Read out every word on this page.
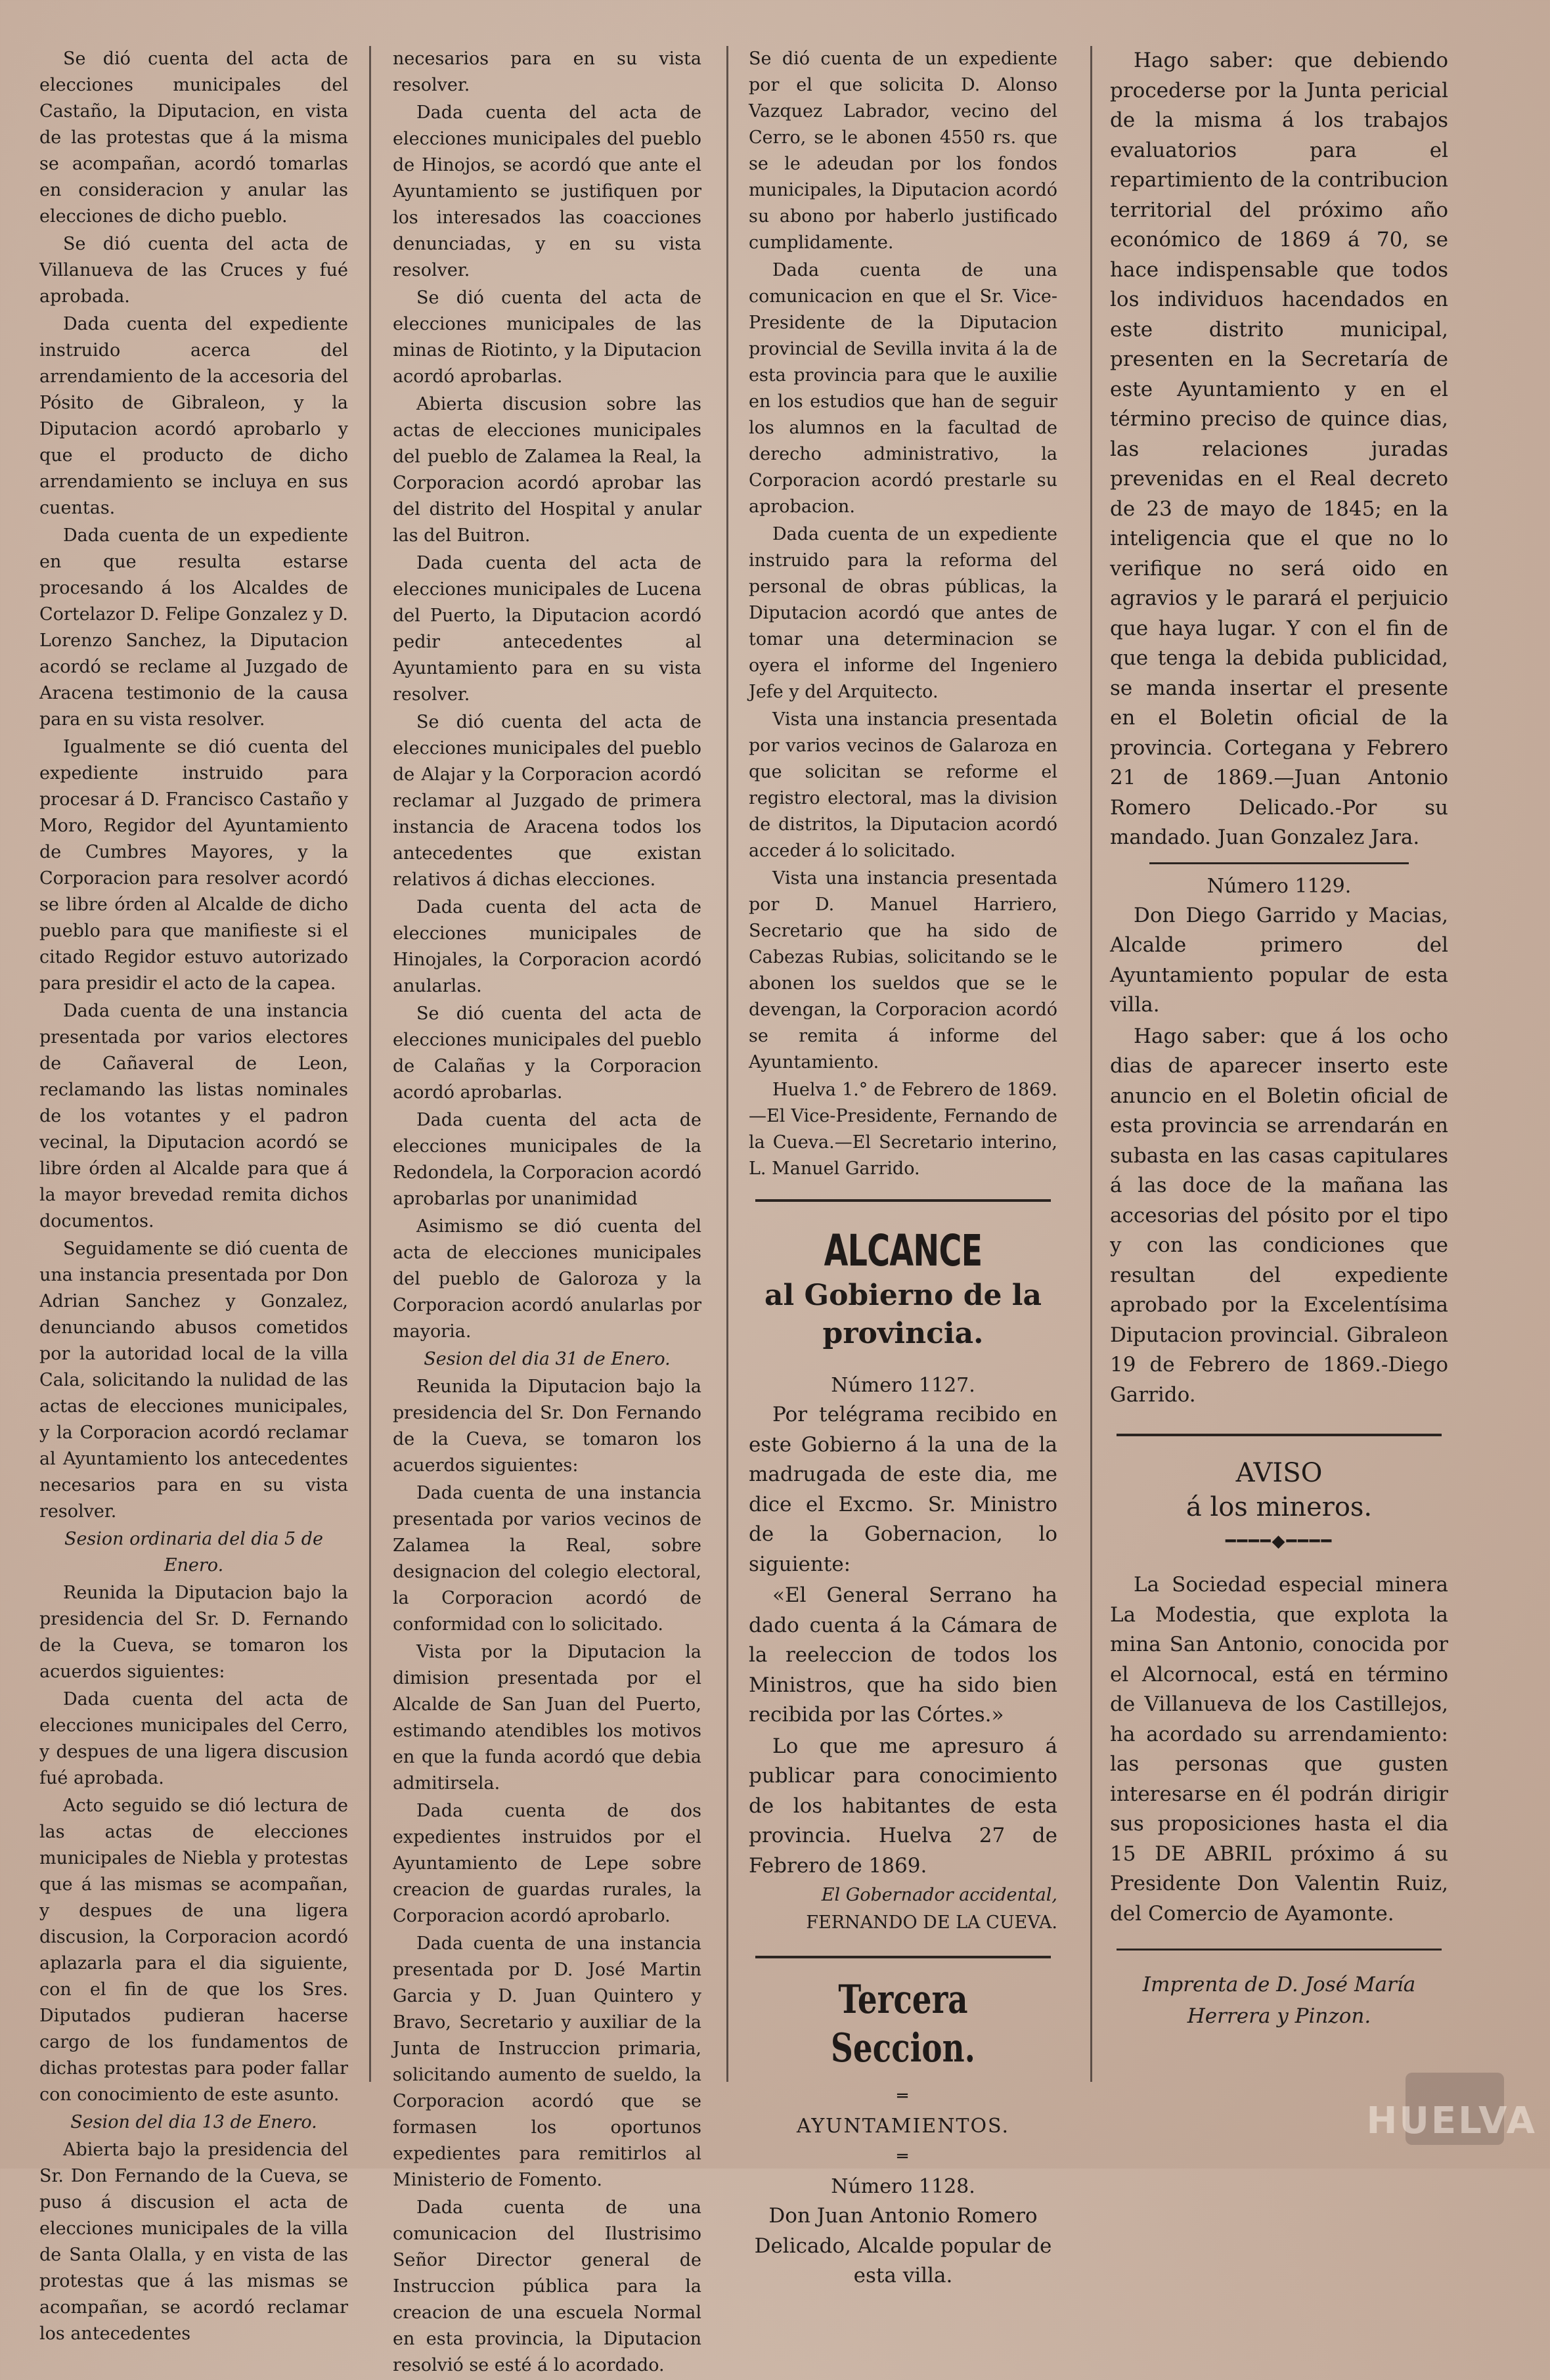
Se dió cuenta del acta de elecciones municipales del Castaño, la Diputacion, en vista de las protestas que á la misma se acompañan, acordó tomarlas en consideracion y anular las elecciones de dicho pueblo.

Se dió cuenta del acta de Villanueva de las Cruces y fué aprobada.

Dada cuenta del expediente instruido acerca del arrendamiento de la accesoria del Pósito de Gibraleon, y la Diputacion acordó aprobarlo y que el producto de dicho arrendamiento se incluya en sus cuentas.

Dada cuenta de un expediente en que resulta estarse procesando á los Alcaldes de Cortelazor D. Felipe Gonzalez y D. Lorenzo Sanchez, la Diputacion acordó se reclame al Juzgado de Aracena testimonio de la causa para en su vista resolver.

Igualmente se dió cuenta del expediente instruido para procesar á D. Francisco Castaño y Moro, Regidor del Ayuntamiento de Cumbres Mayores, y la Corporacion para resolver acordó se libre órden al Alcalde de dicho pueblo para que manifieste si el citado Regidor estuvo autorizado para presidir el acto de la capea.

Dada cuenta de una instancia presentada por varios electores de Cañaveral de Leon, reclamando las listas nominales de los votantes y el padron vecinal, la Diputacion acordó se libre órden al Alcalde para que á la mayor brevedad remita dichos documentos.

Seguidamente se dió cuenta de una instancia presentada por Don Adrian Sanchez y Gonzalez, denunciando abusos cometidos por la autoridad local de la villa Cala, solicitando la nulidad de las actas de elecciones municipales, y la Corporacion acordó reclamar al Ayuntamiento los antecedentes necesarios para en su vista resolver.

Sesion ordinaria del dia 5 de Enero.

Reunida la Diputacion bajo la presidencia del Sr. D. Fernando de la Cueva, se tomaron los acuerdos siguientes:

Dada cuenta del acta de elecciones municipales del Cerro, y despues de una ligera discusion fué aprobada.

Acto seguido se dió lectura de las actas de elecciones municipales de Niebla y protestas que á las mismas se acompañan, y despues de una ligera discusion, la Corporacion acordó aplazarla para el dia siguiente, con el fin de que los Sres. Diputados pudieran hacerse cargo de los fundamentos de dichas protestas para poder fallar con conocimiento de este asunto.

Sesion del dia 13 de Enero.

Abierta bajo la presidencia del Sr. Don Fernando de la Cueva, se puso á discusion el acta de elecciones municipales de la villa de Santa Olalla, y en vista de las protestas que á las mismas se acompañan, se acordó reclamar los antecedentes

necesarios para en su vista resolver.

Dada cuenta del acta de elecciones municipales del pueblo de Hinojos, se acordó que ante el Ayuntamiento se justifiquen por los interesados las coacciones denunciadas, y en su vista resolver.

Se dió cuenta del acta de elecciones municipales de las minas de Riotinto, y la Diputacion acordó aprobarlas.

Abierta discusion sobre las actas de elecciones municipales del pueblo de Zalamea la Real, la Corporacion acordó aprobar las del distrito del Hospital y anular las del Buitron.

Dada cuenta del acta de elecciones municipales de Lucena del Puerto, la Diputacion acordó pedir antecedentes al Ayuntamiento para en su vista resolver.

Se dió cuenta del acta de elecciones municipales del pueblo de Alajar y la Corporacion acordó reclamar al Juzgado de primera instancia de Aracena todos los antecedentes que existan relativos á dichas elecciones.

Dada cuenta del acta de elecciones municipales de Hinojales, la Corporacion acordó anularlas.

Se dió cuenta del acta de elecciones municipales del pueblo de Calañas y la Corporacion acordó aprobarlas.

Dada cuenta del acta de elecciones municipales de la Redondela, la Corporacion acordó aprobarlas por unanimidad

Asimismo se dió cuenta del acta de elecciones municipales del pueblo de Galoroza y la Corporacion acordó anularlas por mayoria.

Sesion del dia 31 de Enero.

Reunida la Diputacion bajo la presidencia del Sr. Don Fernando de la Cueva, se tomaron los acuerdos siguientes:

Dada cuenta de una instancia presentada por varios vecinos de Zalamea la Real, sobre designacion del colegio electoral, la Corporacion acordó de conformidad con lo solicitado.

Vista por la Diputacion la dimision presentada por el Alcalde de San Juan del Puerto, estimando atendibles los motivos en que la funda acordó que debia admitirsela.

Dada cuenta de dos expedientes instruidos por el Ayuntamiento de Lepe sobre creacion de guardas rurales, la Corporacion acordó aprobarlo.

Dada cuenta de una instancia presentada por D. José Martin Garcia y D. Juan Quintero y Bravo, Secretario y auxiliar de la Junta de Instruccion primaria, solicitando aumento de sueldo, la Corporacion acordó que se formasen los oportunos expedientes para remitirlos al Ministerio de Fomento.

Dada cuenta de una comunicacion del Ilustrisimo Señor Director general de Instruccion pública para la creacion de una escuela Normal en esta provincia, la Diputacion resolvió se esté á lo acordado.

Se dió cuenta de un expediente por el que solicita D. Alonso Vazquez Labrador, vecino del Cerro, se le abonen 4550 rs. que se le adeudan por los fondos municipales, la Diputacion acordó su abono por haberlo justificado cumplidamente.

Dada cuenta de una comunicacion en que el Sr. Vice-Presidente de la Diputacion provincial de Sevilla invita á la de esta provincia para que le auxilie en los estudios que han de seguir los alumnos en la facultad de derecho administrativo, la Corporacion acordó prestarle su aprobacion.

Dada cuenta de un expediente instruido para la reforma del personal de obras públicas, la Diputacion acordó que antes de tomar una determinacion se oyera el informe del Ingeniero Jefe y del Arquitecto.

Vista una instancia presentada por varios vecinos de Galaroza en que solicitan se reforme el registro electoral, mas la division de distritos, la Diputacion acordó acceder á lo solicitado.

Vista una instancia presentada por D. Manuel Harriero, Secretario que ha sido de Cabezas Rubias, solicitando se le abonen los sueldos que se le devengan, la Corporacion acordó se remita á informe del Ayuntamiento.

Huelva 1.° de Febrero de 1869. —El Vice-Presidente, Fernando de la Cueva.—El Secretario interino, L. Manuel Garrido.

ALCANCE
al Gobierno de la
provincia.

Número 1127.

Por telégrama recibido en este Gobierno á la una de la madrugada de este dia, me dice el Excmo. Sr. Ministro de la Gobernacion, lo siguiente:

«El General Serrano ha dado cuenta á la Cámara de la reeleccion de todos los Ministros, que ha sido bien recibida por las Córtes.»

Lo que me apresuro á publicar para conocimiento de los habitantes de esta provincia. Huelva 27 de Febrero de 1869.

El Gobernador accidental,

FERNANDO DE LA CUEVA.

Tercera Seccion.
═

AYUNTAMIENTOS.

═

Número 1128.

Don Juan Antonio Romero Delicado, Alcalde popular de esta villa.

Hago saber: que debiendo procederse por la Junta pericial de la misma á los trabajos evaluatorios para el repartimiento de la contribucion territorial del próximo año económico de 1869 á 70, se hace indispensable que todos los individuos hacendados en este distrito municipal, presenten en la Secretaría de este Ayuntamiento y en el término preciso de quince dias, las relaciones juradas prevenidas en el Real decreto de 23 de mayo de 1845; en la inteligencia que el que no lo verifique no será oido en agravios y le parará el perjuicio que haya lugar. Y con el fin de que tenga la debida publicidad, se manda insertar el presente en el Boletin oficial de la provincia. Cortegana y Febrero 21 de 1869.—Juan Antonio Romero Delicado.-Por su mandado. Juan Gonzalez Jara.

Número 1129.

Don Diego Garrido y Macias, Alcalde primero del Ayuntamiento popular de esta villa.

Hago saber: que á los ocho dias de aparecer inserto este anuncio en el Boletin oficial de esta provincia se arrendarán en subasta en las casas capitulares á las doce de la mañana las accesorias del pósito por el tipo y con las condiciones que resultan del expediente aprobado por la Excelentísima Diputacion provincial. Gibraleon 19 de Febrero de 1869.-Diego Garrido.

AVISO
á los mineros.
━━━━◆━━━━

La Sociedad especial minera La Modestia, que explota la mina San Antonio, conocida por el Alcornocal, está en término de Villanueva de los Castillejos, ha acordado su arrendamiento: las personas que gusten interesarse en él podrán dirigir sus proposiciones hasta el dia 15 DE ABRIL próximo á su Presidente Don Valentin Ruiz, del Comercio de Ayamonte.

Imprenta de D. José María

Herrera y Pinzon.

HUELVA
